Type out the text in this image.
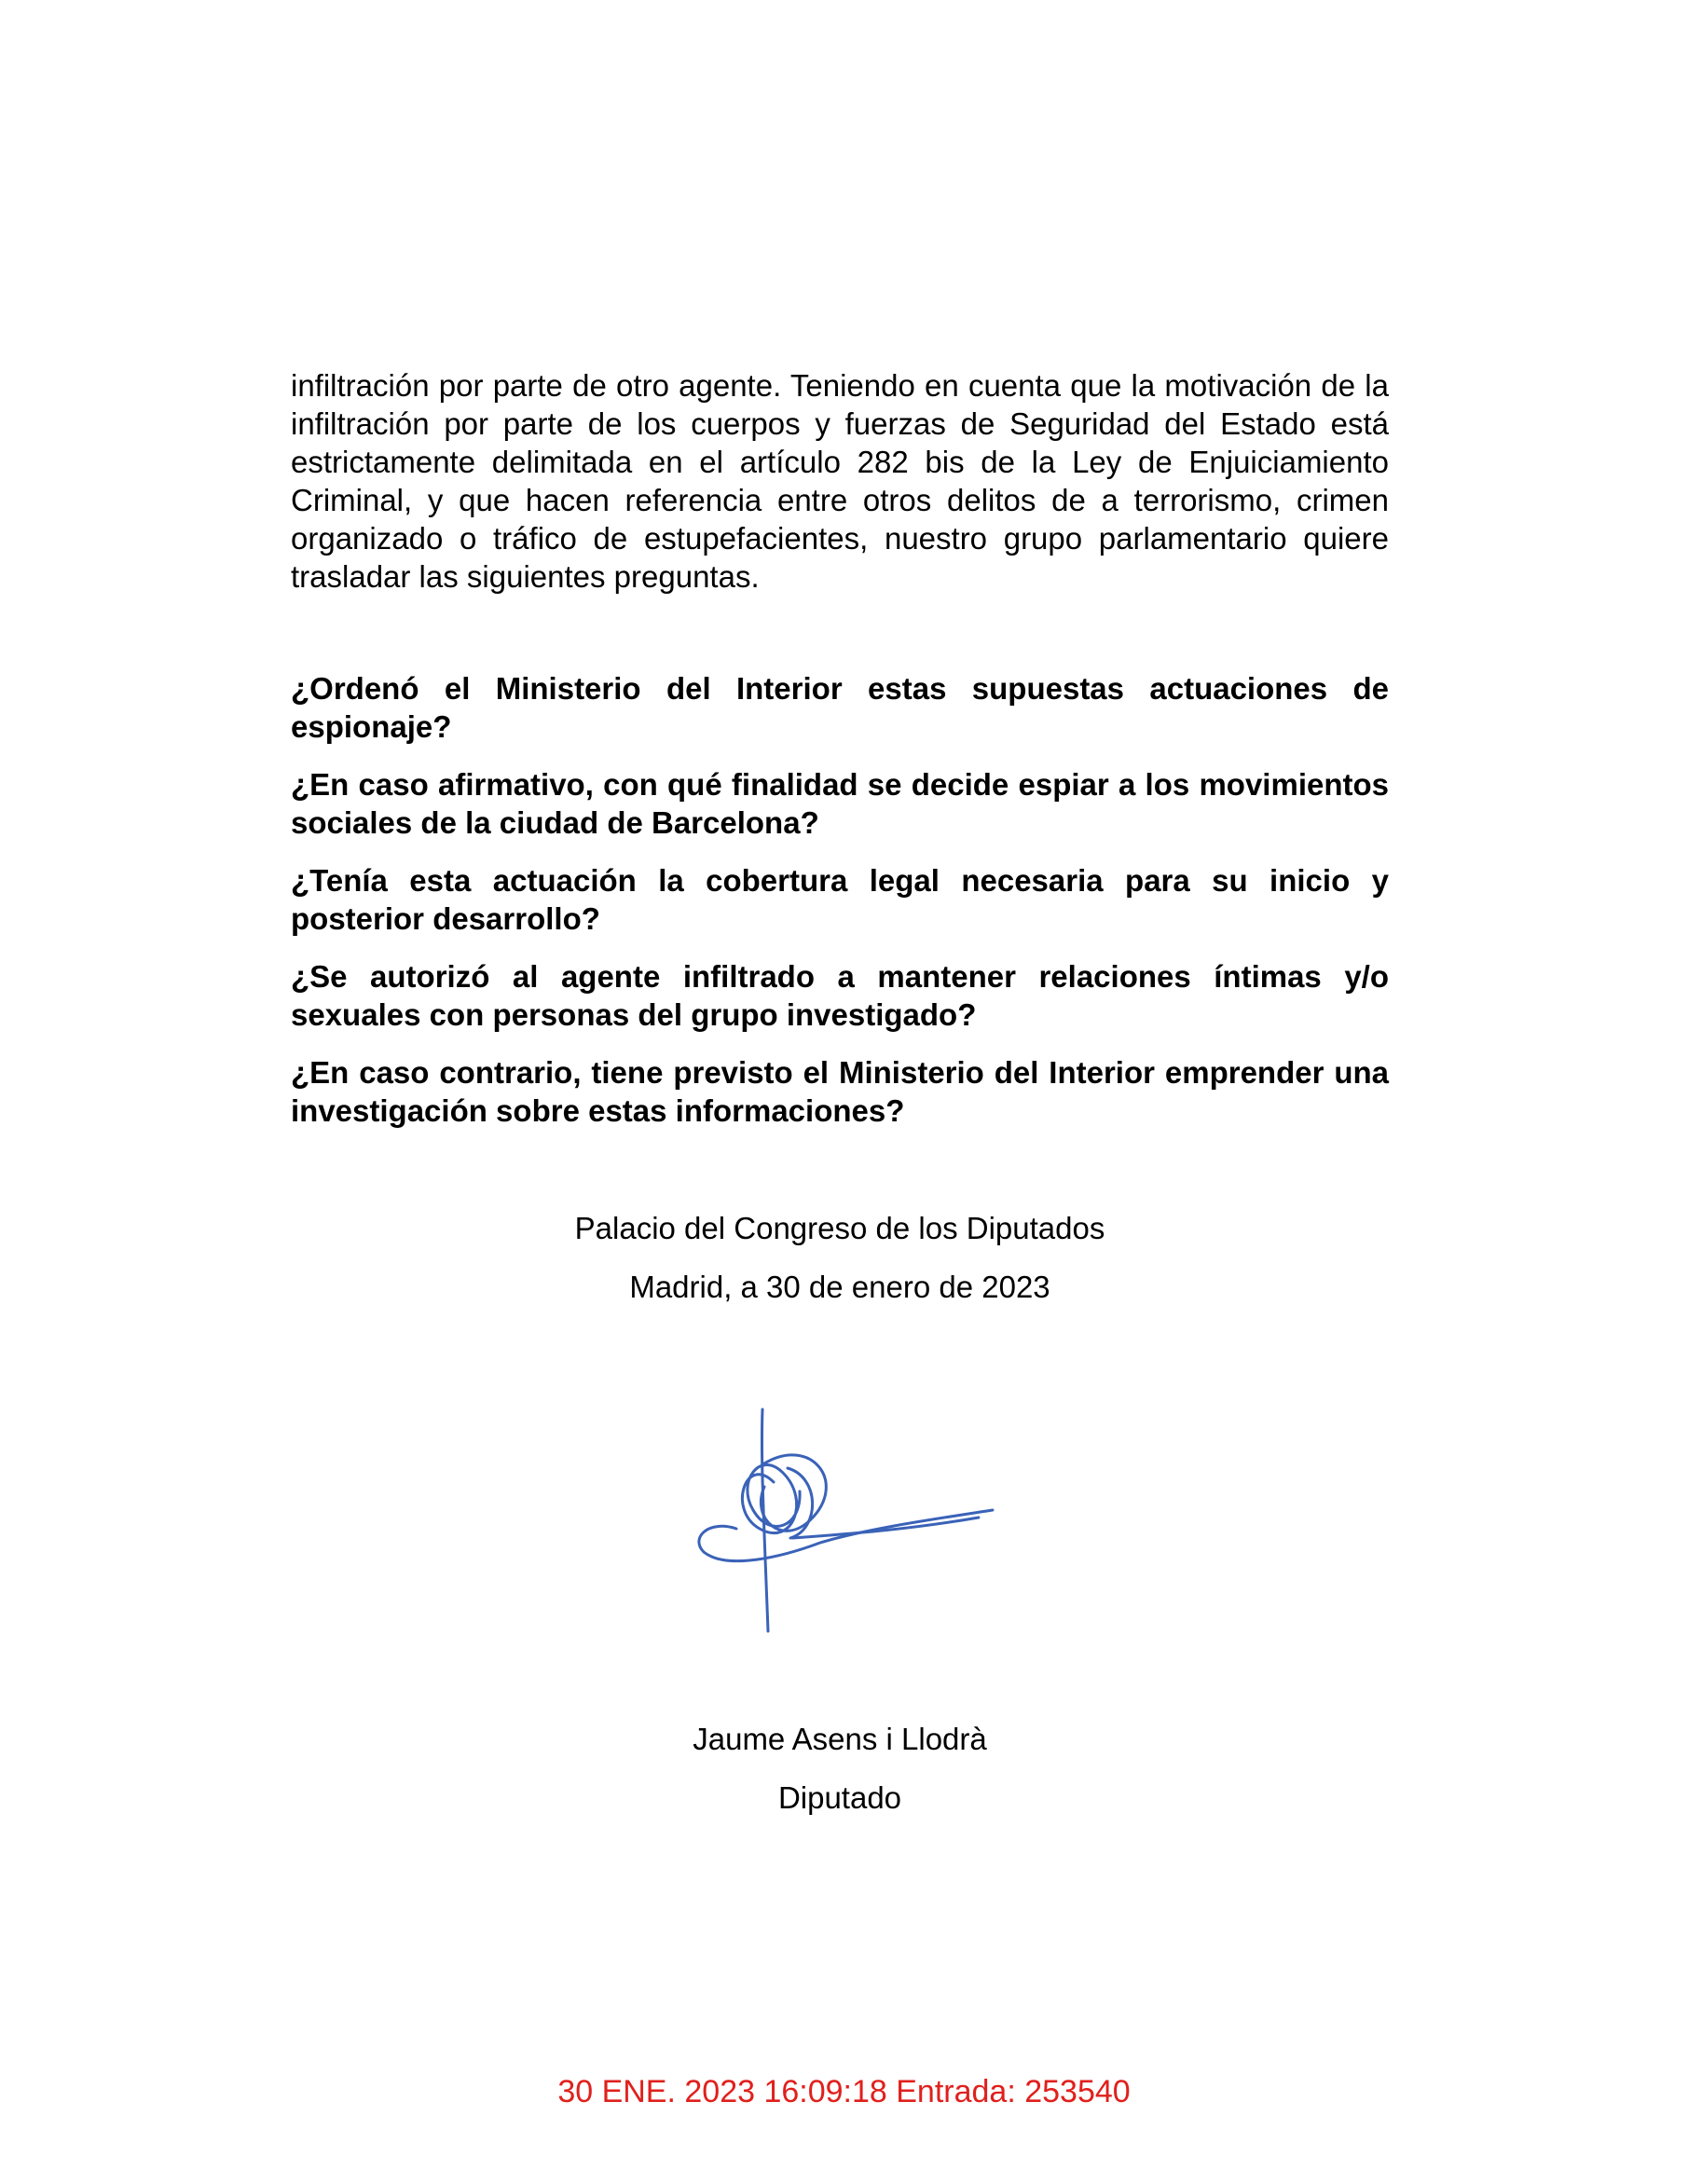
infiltración por parte de otro agente. Teniendo en cuenta que la motivación de la infiltración por parte de los cuerpos y fuerzas de Seguridad del Estado está estrictamente delimitada en el artículo 282 bis de la Ley de Enjuiciamiento Criminal, y que hacen referencia entre otros delitos de a terrorismo, crimen organizado o tráfico de estupefacientes, nuestro grupo parlamentario quiere trasladar las siguientes preguntas.

¿Ordenó el Ministerio del Interior estas supuestas actuaciones de espionaje?
¿En caso afirmativo, con qué finalidad se decide espiar a los movimientos sociales de la ciudad de Barcelona?
¿Tenía esta actuación la cobertura legal necesaria para su inicio y posterior desarrollo?
¿Se autorizó al agente infiltrado a mantener relaciones íntimas y/o sexuales con personas del grupo investigado?
¿En caso contrario, tiene previsto el Ministerio del Interior emprender una investigación sobre estas informaciones?

Palacio del Congreso de los Diputados

Madrid, a 30 de enero de 2023

Jaume Asens i Llodrà

Diputado

30 ENE. 2023 16:09:18 Entrada: 253540
